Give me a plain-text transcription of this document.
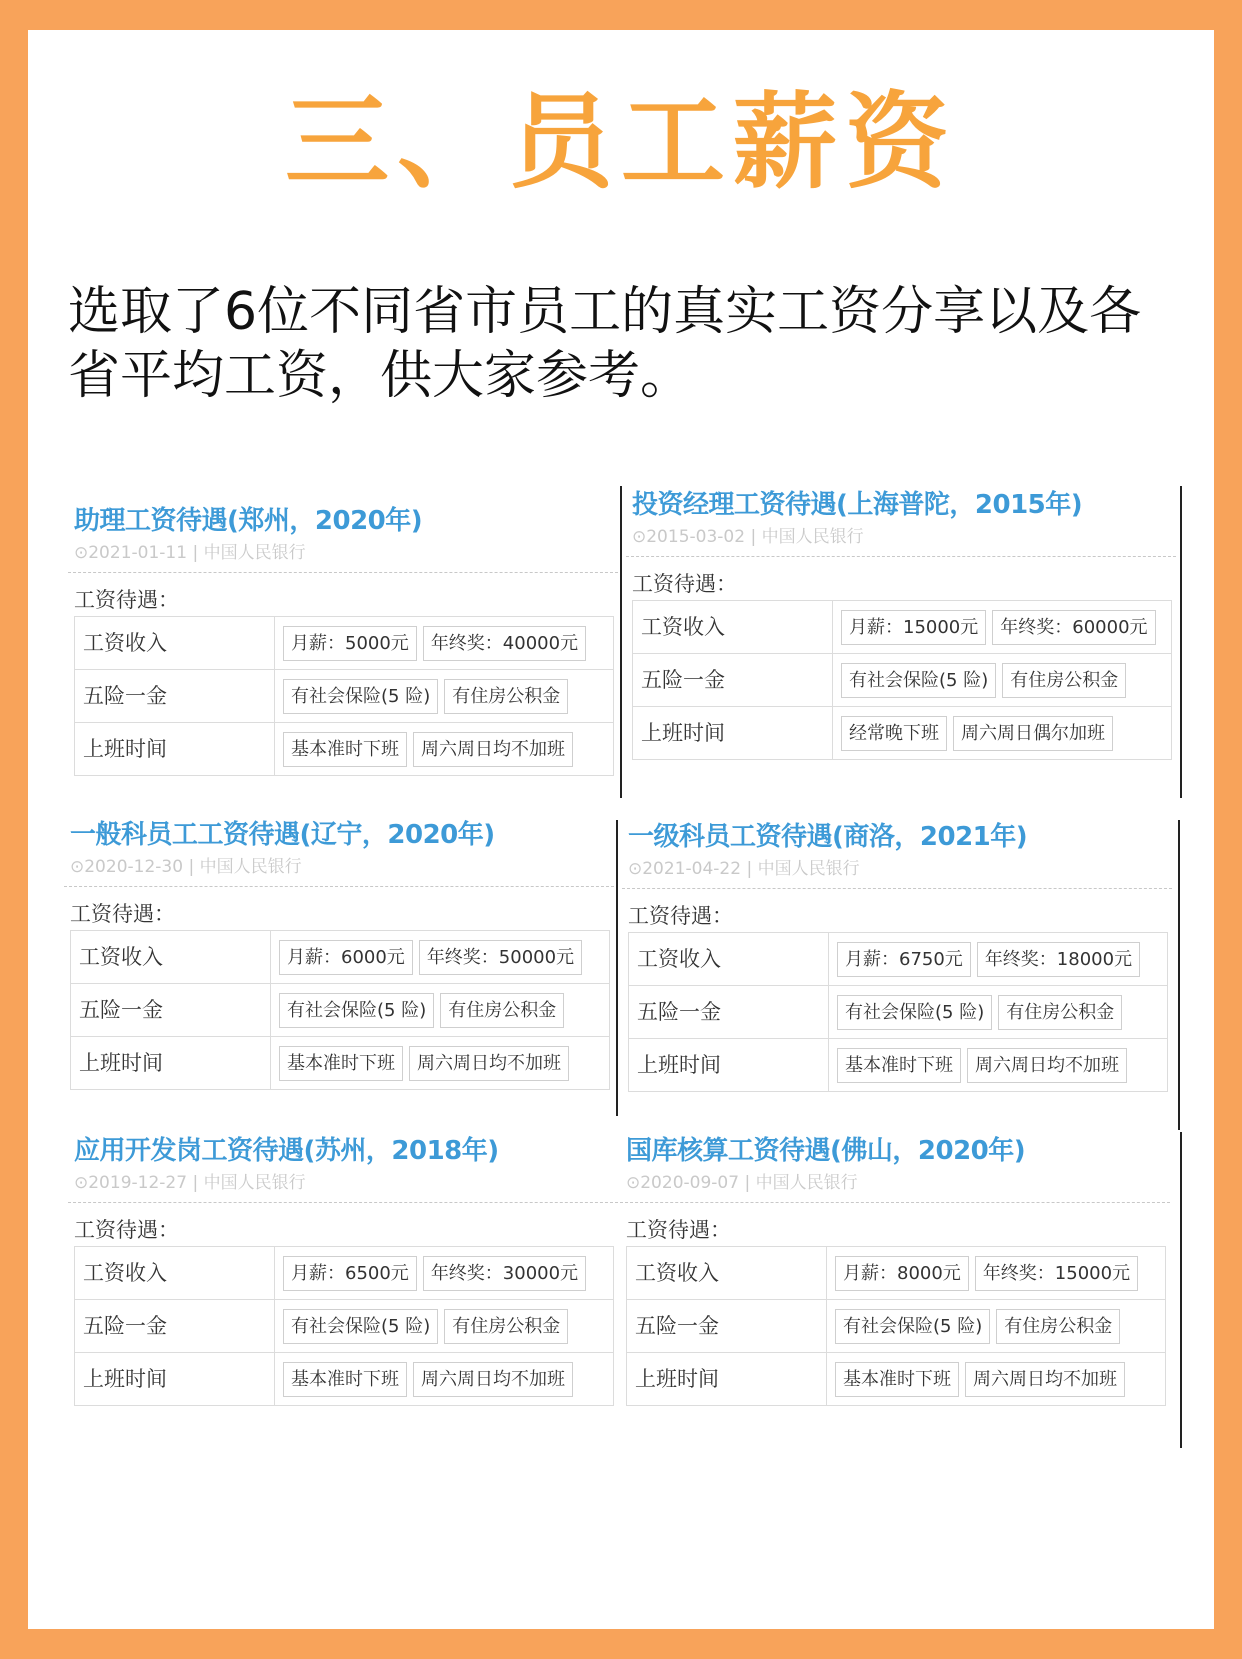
三、员工薪资
选取了6位不同省市员工的真实工资分享以及各省平均工资，供大家参考。
助理工资待遇(郑州，2020年)
⊙2021-01-11 | 中国人民银行
工资待遇：
工资收入	月薪：5000元 年终奖：40000元
五险一金	有社会保险(5 险) 有住房公积金
上班时间	基本准时下班 周六周日均不加班
投资经理工资待遇(上海普陀，2015年)
⊙2015-03-02 | 中国人民银行
工资待遇：
工资收入	月薪：15000元 年终奖：60000元
五险一金	有社会保险(5 险) 有住房公积金
上班时间	经常晚下班 周六周日偶尔加班
一般科员工工资待遇(辽宁，2020年)
⊙2020-12-30 | 中国人民银行
工资待遇：
工资收入	月薪：6000元 年终奖：50000元
五险一金	有社会保险(5 险) 有住房公积金
上班时间	基本准时下班 周六周日均不加班
一级科员工资待遇(商洛，2021年)
⊙2021-04-22 | 中国人民银行
工资待遇：
工资收入	月薪：6750元 年终奖：18000元
五险一金	有社会保险(5 险) 有住房公积金
上班时间	基本准时下班 周六周日均不加班
应用开发岗工资待遇(苏州，2018年)
⊙2019-12-27 | 中国人民银行
工资待遇：
工资收入	月薪：6500元 年终奖：30000元
五险一金	有社会保险(5 险) 有住房公积金
上班时间	基本准时下班 周六周日均不加班
国库核算工资待遇(佛山，2020年)
⊙2020-09-07 | 中国人民银行
工资待遇：
工资收入	月薪：8000元 年终奖：15000元
五险一金	有社会保险(5 险) 有住房公积金
上班时间	基本准时下班 周六周日均不加班
